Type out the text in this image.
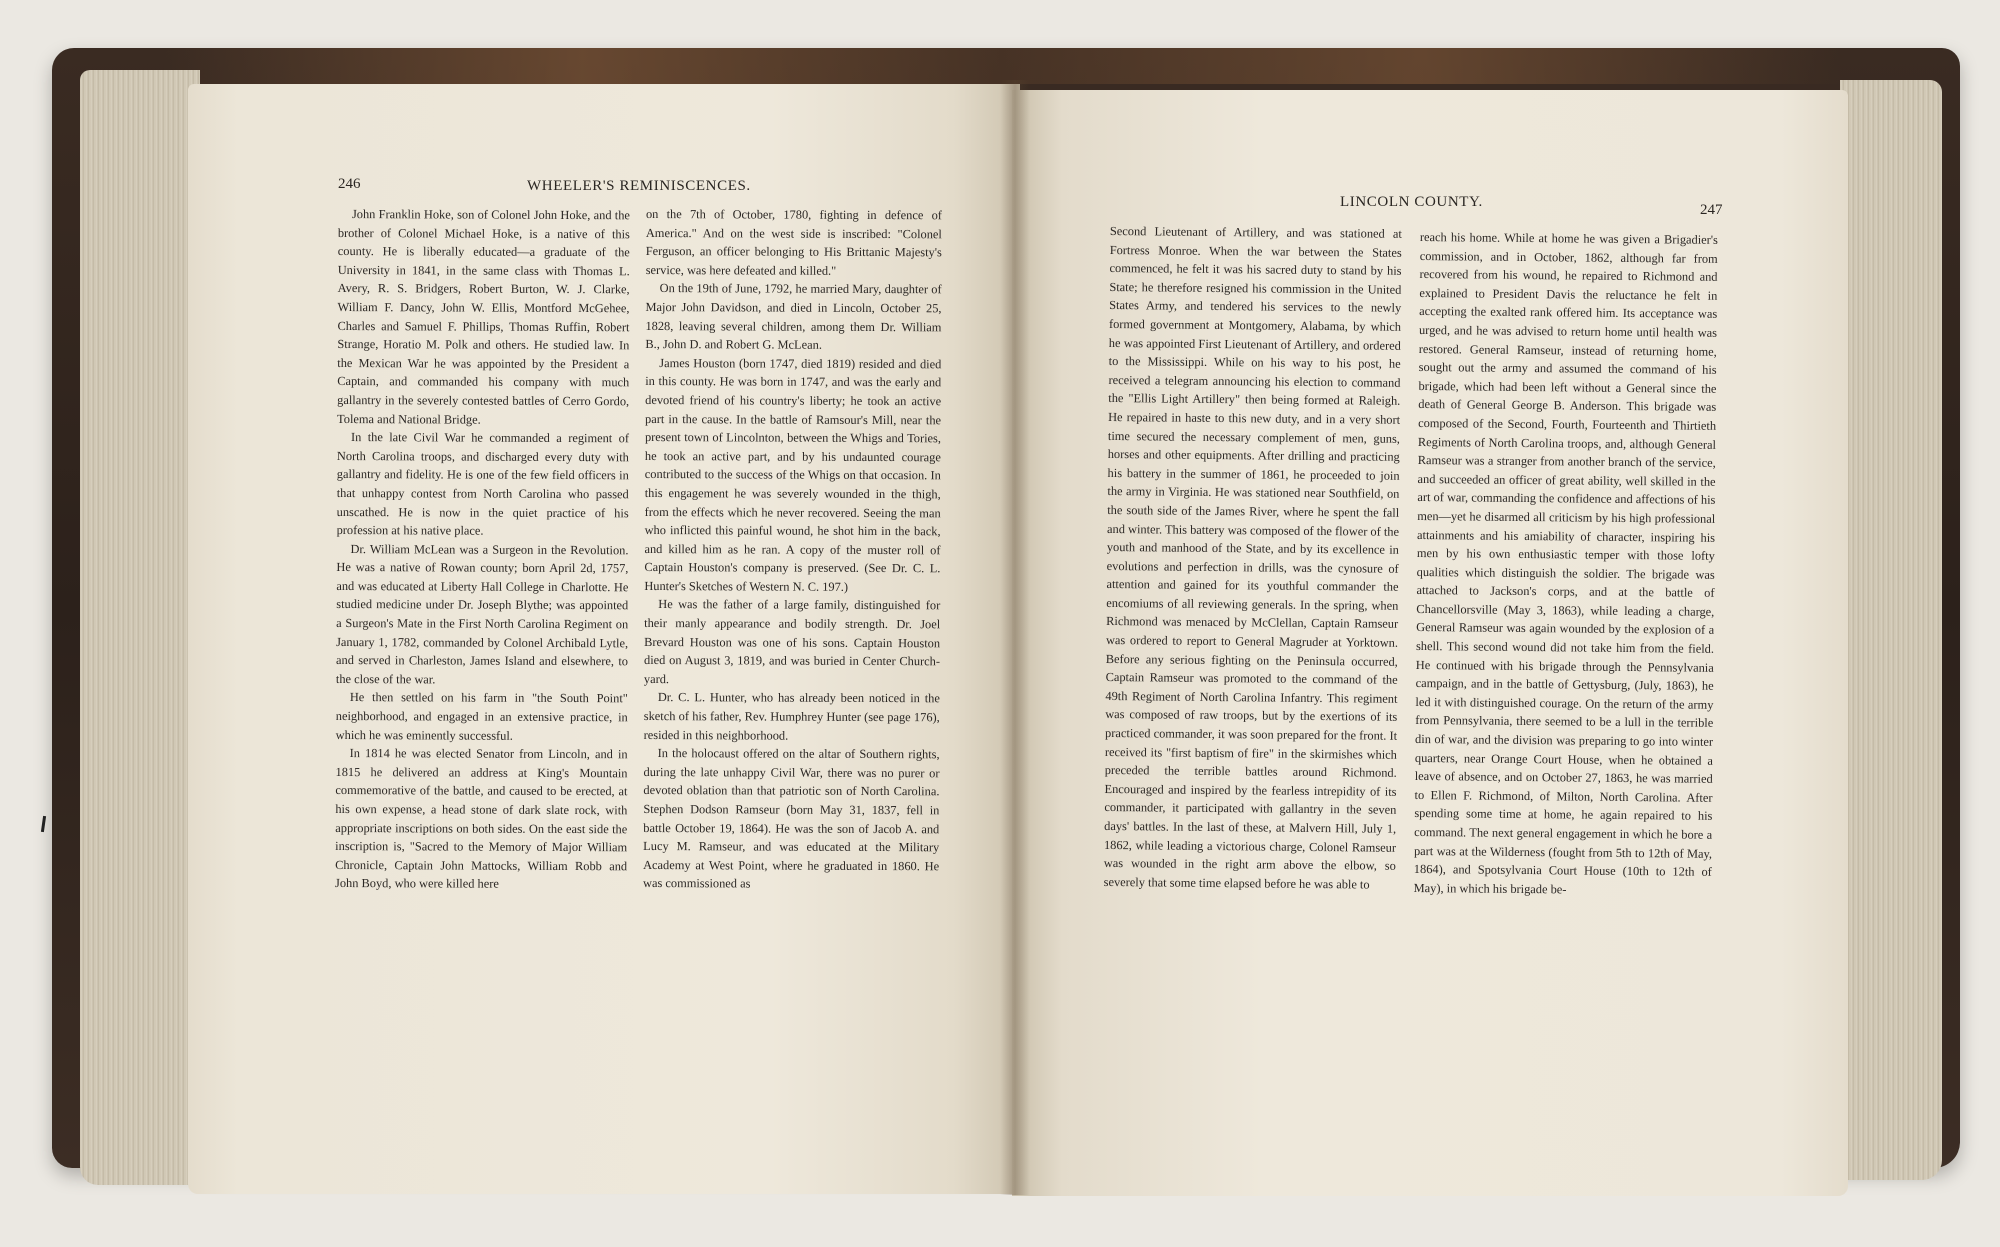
246	WHEELER'S REMINISCENCES.

John Franklin Hoke, son of Colonel John Hoke, and the brother of Colonel Michael Hoke, is a native of this county. He is liberally educated—a graduate of the University in 1841, in the same class with Thomas L. Avery, R. S. Bridgers, Robert Burton, W. J. Clarke, William F. Dancy, John W. Ellis, Montford McGehee, Charles and Samuel F. Phillips, Thomas Ruffin, Robert Strange, Horatio M. Polk and others. He studied law. In the Mexican War he was appointed by the President a Captain, and commanded his company with much gallantry in the severely contested battles of Cerro Gordo, Tolema and National Bridge.

In the late Civil War he commanded a regiment of North Carolina troops, and discharged every duty with gallantry and fidelity. He is one of the few field officers in that unhappy contest from North Carolina who passed unscathed. He is now in the quiet practice of his profession at his native place.

Dr. William McLean was a Surgeon in the Revolution. He was a native of Rowan county; born April 2d, 1757, and was educated at Liberty Hall College in Charlotte. He studied medicine under Dr. Joseph Blythe; was appointed a Surgeon's Mate in the First North Carolina Regiment on January 1, 1782, commanded by Colonel Archibald Lytle, and served in Charleston, James Island and elsewhere, to the close of the war.

He then settled on his farm in "the South Point" neighborhood, and engaged in an extensive practice, in which he was eminently successful.

In 1814 he was elected Senator from Lincoln, and in 1815 he delivered an address at King's Mountain commemorative of the battle, and caused to be erected, at his own expense, a head stone of dark slate rock, with appropriate inscriptions on both sides. On the east side the inscription is, "Sacred to the Memory of Major William Chronicle, Captain John Mattocks, William Robb and John Boyd, who were killed here

on the 7th of October, 1780, fighting in defence of America." And on the west side is inscribed: "Colonel Ferguson, an officer belonging to His Brittanic Majesty's service, was here defeated and killed."

On the 19th of June, 1792, he married Mary, daughter of Major John Davidson, and died in Lincoln, October 25, 1828, leaving several children, among them Dr. William B., John D. and Robert G. McLean.

James Houston (born 1747, died 1819) resided and died in this county. He was born in 1747, and was the early and devoted friend of his country's liberty; he took an active part in the cause. In the battle of Ramsour's Mill, near the present town of Lincolnton, between the Whigs and Tories, he took an active part, and by his undaunted courage contributed to the success of the Whigs on that occasion. In this engagement he was severely wounded in the thigh, from the effects which he never recovered. Seeing the man who inflicted this painful wound, he shot him in the back, and killed him as he ran. A copy of the muster roll of Captain Houston's company is preserved. (See Dr. C. L. Hunter's Sketches of Western N. C. 197.)

He was the father of a large family, distinguished for their manly appearance and bodily strength. Dr. Joel Brevard Houston was one of his sons. Captain Houston died on August 3, 1819, and was buried in Center Church-yard.

Dr. C. L. Hunter, who has already been noticed in the sketch of his father, Rev. Humphrey Hunter (see page 176), resided in this neighborhood.

In the holocaust offered on the altar of Southern rights, during the late unhappy Civil War, there was no purer or devoted oblation than that patriotic son of North Carolina. Stephen Dodson Ramseur (born May 31, 1837, fell in battle October 19, 1864). He was the son of Jacob A. and Lucy M. Ramseur, and was educated at the Military Academy at West Point, where he graduated in 1860. He was commissioned as

LINCOLN COUNTY.	247

Second Lieutenant of Artillery, and was stationed at Fortress Monroe. When the war between the States commenced, he felt it was his sacred duty to stand by his State; he therefore resigned his commission in the United States Army, and tendered his services to the newly formed government at Montgomery, Alabama, by which he was appointed First Lieutenant of Artillery, and ordered to the Mississippi. While on his way to his post, he received a telegram announcing his election to command the "Ellis Light Artillery" then being formed at Raleigh. He repaired in haste to this new duty, and in a very short time secured the necessary complement of men, guns, horses and other equipments. After drilling and practicing his battery in the summer of 1861, he proceeded to join the army in Virginia. He was stationed near Southfield, on the south side of the James River, where he spent the fall and winter. This battery was composed of the flower of the youth and manhood of the State, and by its excellence in evolutions and perfection in drills, was the cynosure of attention and gained for its youthful commander the encomiums of all reviewing generals. In the spring, when Richmond was menaced by McClellan, Captain Ramseur was ordered to report to General Magruder at Yorktown. Before any serious fighting on the Peninsula occurred, Captain Ramseur was promoted to the command of the 49th Regiment of North Carolina Infantry. This regiment was composed of raw troops, but by the exertions of its practiced commander, it was soon prepared for the front. It received its "first baptism of fire" in the skirmishes which preceded the terrible battles around Richmond. Encouraged and inspired by the fearless intrepidity of its commander, it participated with gallantry in the seven days' battles. In the last of these, at Malvern Hill, July 1, 1862, while leading a victorious charge, Colonel Ramseur was wounded in the right arm above the elbow, so severely that some time elapsed before he was able to

reach his home. While at home he was given a Brigadier's commission, and in October, 1862, although far from recovered from his wound, he repaired to Richmond and explained to President Davis the reluctance he felt in accepting the exalted rank offered him. Its acceptance was urged, and he was advised to return home until health was restored. General Ramseur, instead of returning home, sought out the army and assumed the command of his brigade, which had been left without a General since the death of General George B. Anderson. This brigade was composed of the Second, Fourth, Fourteenth and Thirtieth Regiments of North Carolina troops, and, although General Ramseur was a stranger from another branch of the service, and succeeded an officer of great ability, well skilled in the art of war, commanding the confidence and affections of his men—yet he disarmed all criticism by his high professional attainments and his amiability of character, inspiring his men by his own enthusiastic temper with those lofty qualities which distinguish the soldier. The brigade was attached to Jackson's corps, and at the battle of Chancellorsville (May 3, 1863), while leading a charge, General Ramseur was again wounded by the explosion of a shell. This second wound did not take him from the field. He continued with his brigade through the Pennsylvania campaign, and in the battle of Gettysburg, (July, 1863), he led it with distinguished courage. On the return of the army from Pennsylvania, there seemed to be a lull in the terrible din of war, and the division was preparing to go into winter quarters, near Orange Court House, when he obtained a leave of absence, and on October 27, 1863, he was married to Ellen F. Richmond, of Milton, North Carolina. After spending some time at home, he again repaired to his command. The next general engagement in which he bore a part was at the Wilderness (fought from 5th to 12th of May, 1864), and Spotsylvania Court House (10th to 12th of May), in which his brigade be-
